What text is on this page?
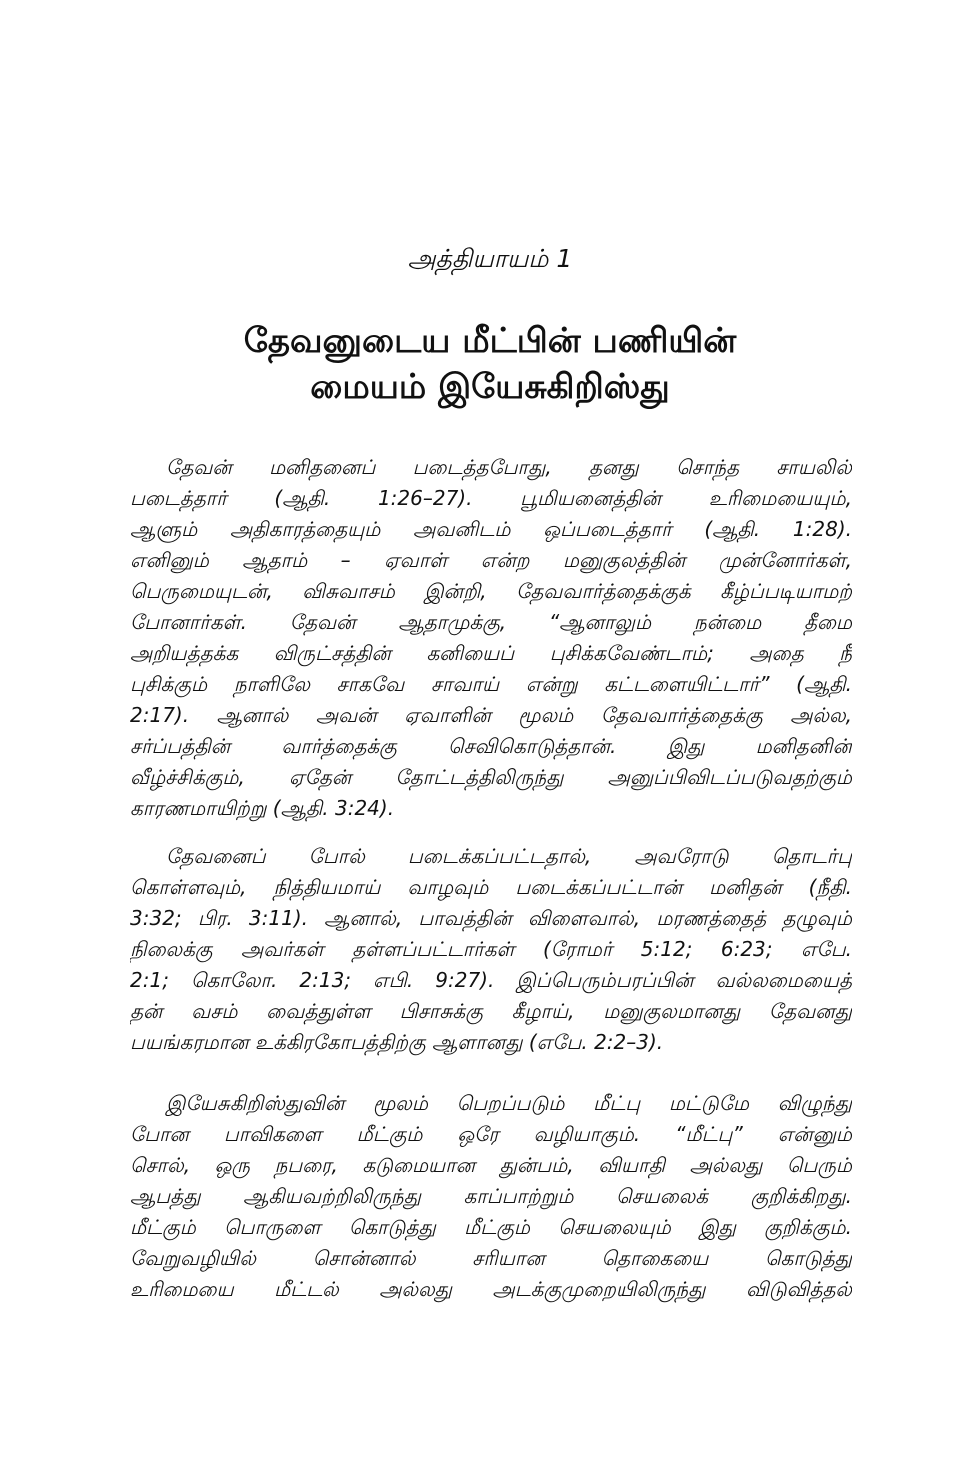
அத்தியாயம் 1
தேவனுடைய மீட்பின் பணியின்
மையம் இயேசுகிறிஸ்து
தேவன் மனிதனைப் படைத்தபோது, தனது சொந்த சாயலில்
படைத்தார் (ஆதி. 1:26–27). பூமியனைத்தின் உரிமையையும்,
ஆளும் அதிகாரத்தையும் அவனிடம் ஒப்படைத்தார் (ஆதி. 1:28).
எனினும் ஆதாம் – ஏவாள் என்ற மனுகுலத்தின் முன்னோர்கள்,
பெருமையுடன், விசுவாசம் இன்றி, தேவவார்த்தைக்குக் கீழ்ப்படியாமற்
போனார்கள். தேவன் ஆதாமுக்கு, “ஆனாலும் நன்மை தீமை
அறியத்தக்க விருட்சத்தின் கனியைப் புசிக்கவேண்டாம்; அதை நீ
புசிக்கும் நாளிலே சாகவே சாவாய் என்று கட்டளையிட்டார்” (ஆதி.
2:17). ஆனால் அவன் ஏவாளின் மூலம் தேவவார்த்தைக்கு அல்ல,
சர்ப்பத்தின் வார்த்தைக்கு செவிகொடுத்தான். இது மனிதனின்
வீழ்ச்சிக்கும், ஏதேன் தோட்டத்திலிருந்து அனுப்பிவிடப்படுவதற்கும்
காரணமாயிற்று (ஆதி. 3:24).
தேவனைப் போல் படைக்கப்பட்டதால், அவரோடு தொடர்பு
கொள்ளவும், நித்தியமாய் வாழவும் படைக்கப்பட்டான் மனிதன் (நீதி.
3:32; பிர. 3:11). ஆனால், பாவத்தின் விளைவால், மரணத்தைத் தழுவும்
நிலைக்கு அவர்கள் தள்ளப்பட்டார்கள் (ரோமர் 5:12; 6:23; எபே.
2:1; கொலோ. 2:13; எபி. 9:27). இப்பெரும்பரப்பின் வல்லமையைத்
தன் வசம் வைத்துள்ள பிசாசுக்கு கீழாய், மனுகுலமானது தேவனது
பயங்கரமான உக்கிரகோபத்திற்கு ஆளானது (எபே. 2:2–3).
இயேசுகிறிஸ்துவின் மூலம் பெறப்படும் மீட்பு மட்டுமே விழுந்து
போன பாவிகளை மீட்கும் ஒரே வழியாகும். “மீட்பு” என்னும்
சொல், ஒரு நபரை, கடுமையான துன்பம், வியாதி அல்லது பெரும்
ஆபத்து ஆகியவற்றிலிருந்து காப்பாற்றும் செயலைக் குறிக்கிறது.
மீட்கும் பொருளை கொடுத்து மீட்கும் செயலையும் இது குறிக்கும்.
வேறுவழியில் சொன்னால் சரியான தொகையை கொடுத்து
உரிமையை மீட்டல் அல்லது அடக்குமுறையிலிருந்து விடுவித்தல்
